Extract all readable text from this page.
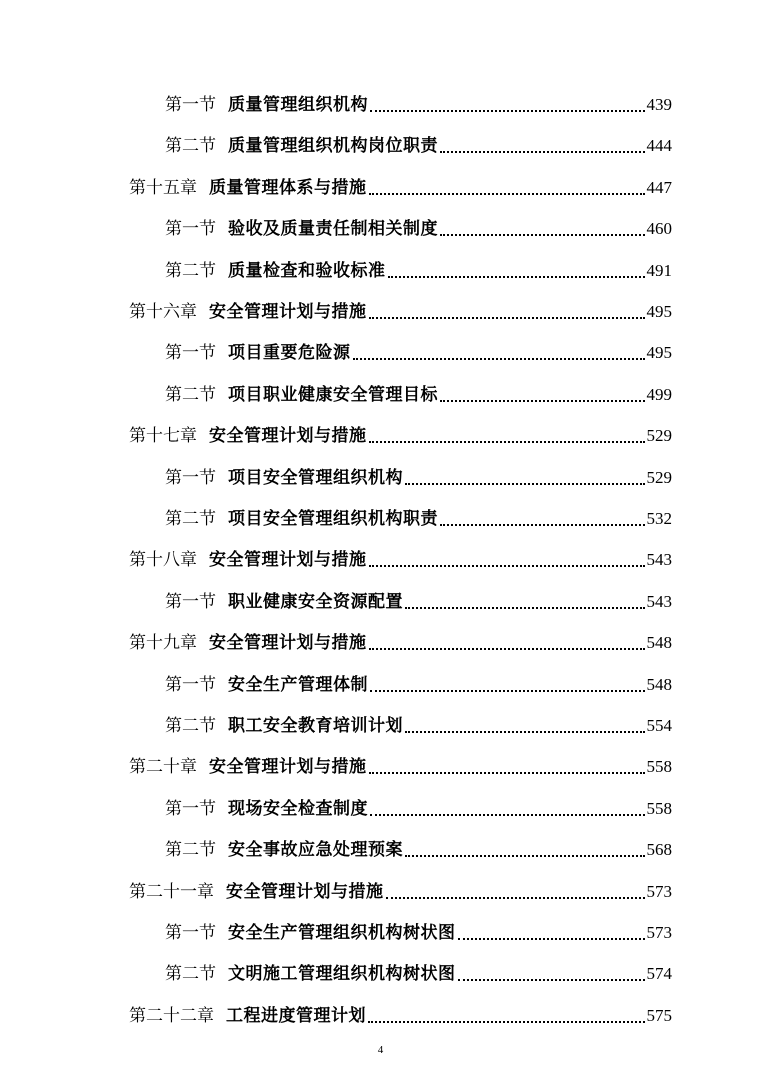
第一节 质量管理组织机构	439
第二节 质量管理组织机构岗位职责	444
第十五章 质量管理体系与措施	447
第一节 验收及质量责任制相关制度	460
第二节 质量检查和验收标准	491
第十六章 安全管理计划与措施	495
第一节 项目重要危险源	495
第二节 项目职业健康安全管理目标	499
第十七章 安全管理计划与措施	529
第一节 项目安全管理组织机构	529
第二节 项目安全管理组织机构职责	532
第十八章 安全管理计划与措施	543
第一节 职业健康安全资源配置	543
第十九章 安全管理计划与措施	548
第一节 安全生产管理体制	548
第二节 职工安全教育培训计划	554
第二十章 安全管理计划与措施	558
第一节 现场安全检查制度	558
第二节 安全事故应急处理预案	568
第二十一章 安全管理计划与措施	573
第一节 安全生产管理组织机构树状图	573
第二节 文明施工管理组织机构树状图	574
第二十二章 工程进度管理计划	575
4
